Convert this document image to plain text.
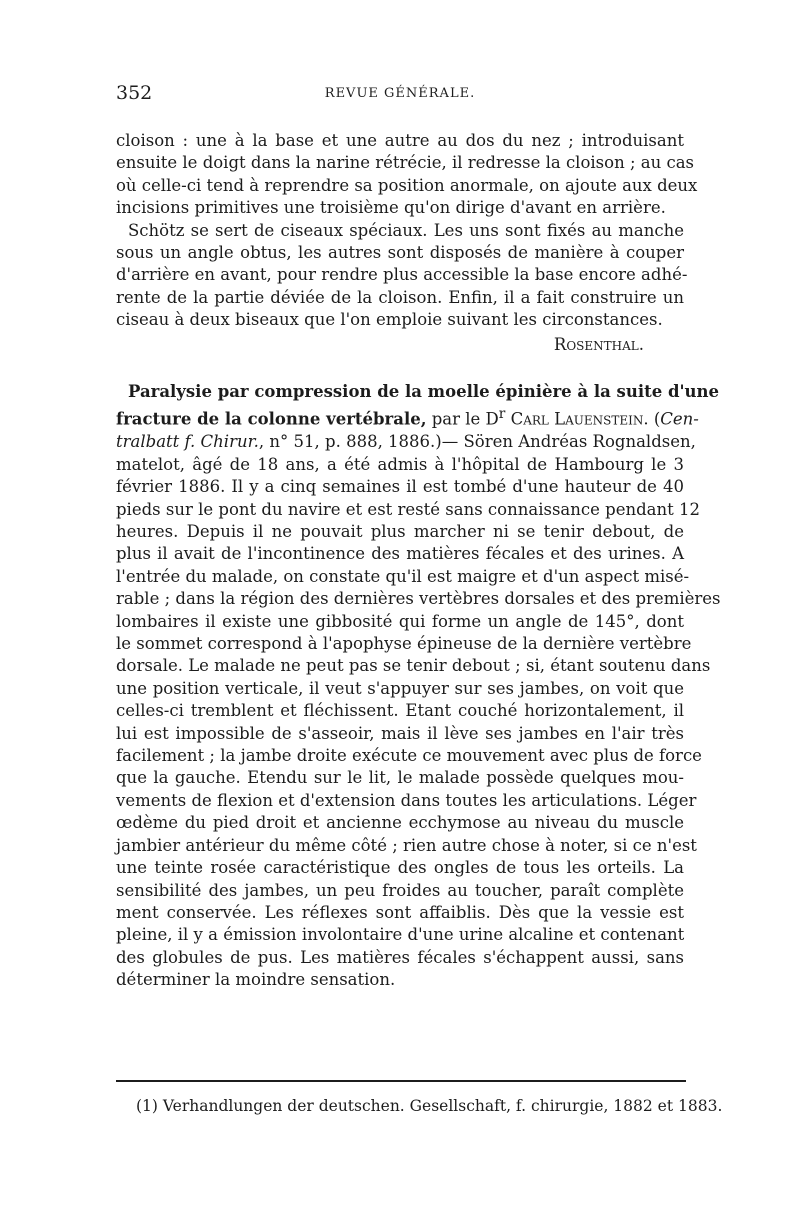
352	REVUE GÉNÉRALE.
cloison : une à la base et une autre au dos du nez ; introduisant
ensuite le doigt dans la narine rétrécie, il redresse la cloison ; au cas
où celle-ci tend à reprendre sa position anormale, on ajoute aux deux
incisions primitives une troisième qu'on dirige d'avant en arrière.
Schötz se sert de ciseaux spéciaux. Les uns sont fixés au manche
sous un angle obtus, les autres sont disposés de manière à couper
d'arrière en avant, pour rendre plus accessible la base encore adhé-
rente de la partie déviée de la cloison. Enfin, il a fait construire un
ciseau à deux biseaux que l'on emploie suivant les circonstances.
Rosenthal.
Paralysie par compression de la moelle épinière à la suite d'une
fracture de la colonne vertébrale, par le $D^r$ Carl Lauenstein. (Cen-
tralbatt f. Chirur., n° 51, p. 888, 1886.)— Sören Andréas Rognaldsen,
matelot, âgé de 18 ans, a été admis à l'hôpital de Hambourg le 3
février 1886. Il y a cinq semaines il est tombé d'une hauteur de 40
pieds sur le pont du navire et est resté sans connaissance pendant 12
heures. Depuis il ne pouvait plus marcher ni se tenir debout, de
plus il avait de l'incontinence des matières fécales et des urines. A
l'entrée du malade, on constate qu'il est maigre et d'un aspect misé-
rable ; dans la région des dernières vertèbres dorsales et des premières
lombaires il existe une gibbosité qui forme un angle de 145°, dont
le sommet correspond à l'apophyse épineuse de la dernière vertèbre
dorsale. Le malade ne peut pas se tenir debout ; si, étant soutenu dans
une position verticale, il veut s'appuyer sur ses jambes, on voit que
celles-ci tremblent et fléchissent. Etant couché horizontalement, il
lui est impossible de s'asseoir, mais il lève ses jambes en l'air très
facilement ; la jambe droite exécute ce mouvement avec plus de force
que la gauche. Etendu sur le lit, le malade possède quelques mou-
vements de flexion et d'extension dans toutes les articulations. Léger
œdème du pied droit et ancienne ecchymose au niveau du muscle
jambier antérieur du même côté ; rien autre chose à noter, si ce n'est
une teinte rosée caractéristique des ongles de tous les orteils. La
sensibilité des jambes, un peu froides au toucher, paraît complète
ment conservée. Les réflexes sont affaiblis. Dès que la vessie est
pleine, il y a émission involontaire d'une urine alcaline et contenant
des globules de pus. Les matières fécales s'échappent aussi, sans
déterminer la moindre sensation.
(1) Verhandlungen der deutschen. Gesellschaft, f. chirurgie, 1882 et 1883.
